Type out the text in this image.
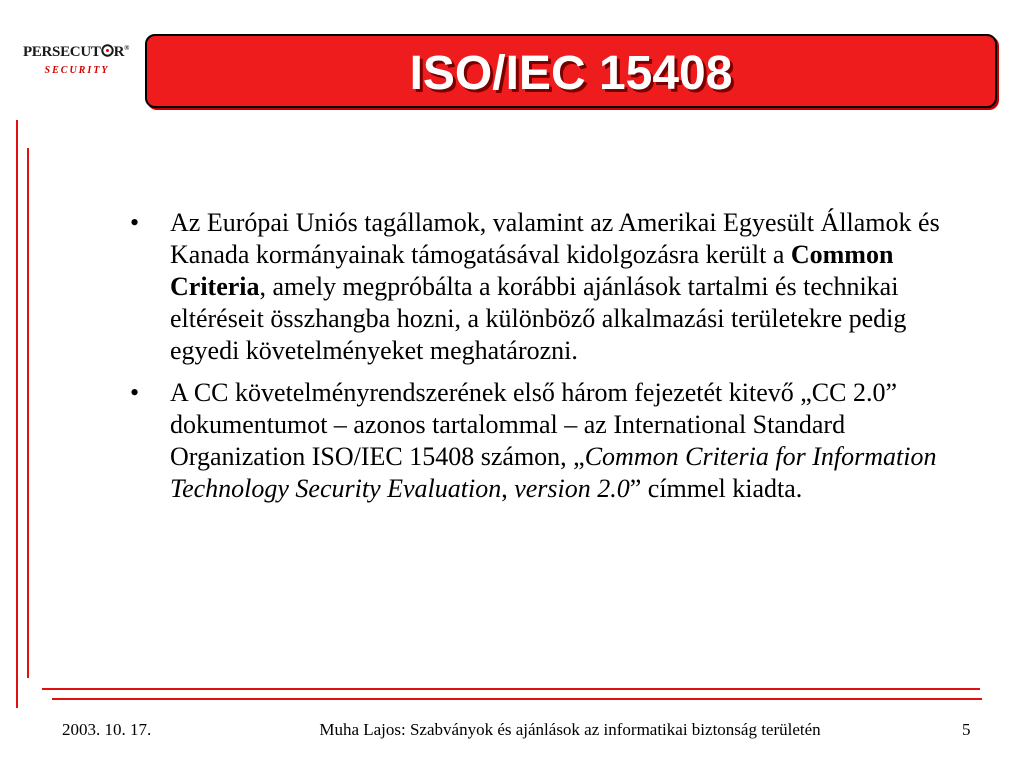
PERSECUT R®
SECURITY	ISO/IEC 15408
• Az Európai Uniós tagállamok, valamint az Amerikai Egyesült Államok és Kanada kormányainak támogatásával kidolgozásra került a Common Criteria, amely megpróbálta a korábbi ajánlások tartalmi és technikai eltéréseit összhangba hozni, a különböző alkalmazási területekre pedig egyedi követelményeket meghatározni.
• A CC követelményrendszerének első három fejezetét kitevő „CC 2.0” dokumentumot – azonos tartalommal – az International Standard Organization ISO/IEC 15408 számon, „Common Criteria for Information Technology Security Evaluation, version 2.0” címmel kiadta.
2003. 10. 17.	Muha Lajos: Szabványok és ajánlások az informatikai biztonság területén	5
